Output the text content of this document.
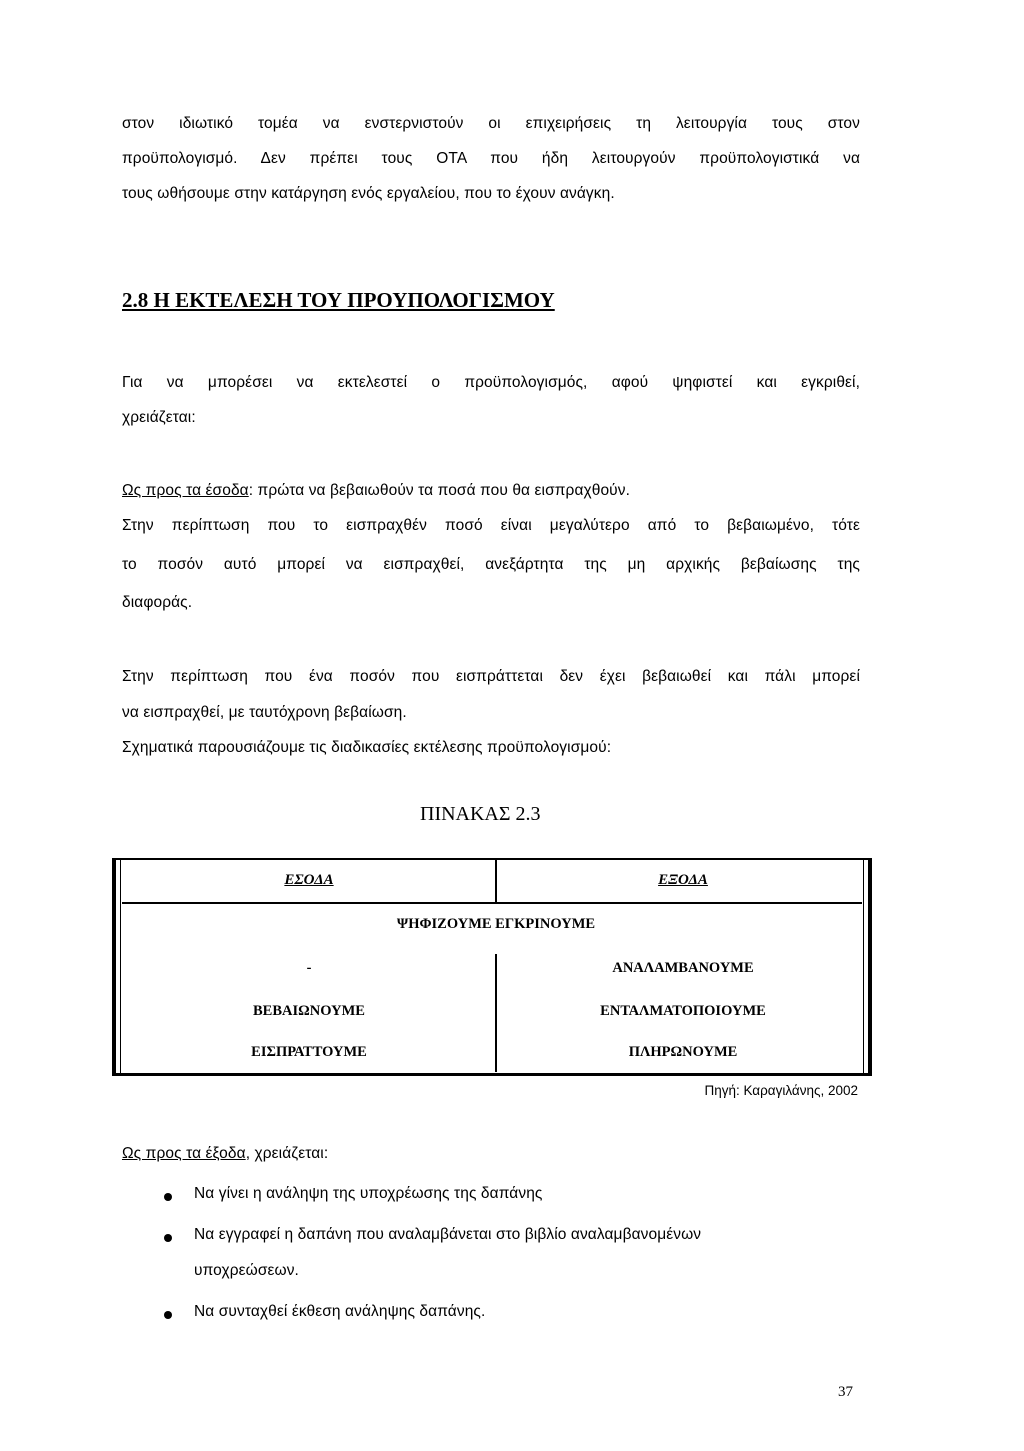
στον ιδιωτικό τομέα να ενστερνιστούν οι επιχειρήσεις τη λειτουργία τους στον
προϋπολογισμό. Δεν πρέπει τους ΟΤΑ που ήδη λειτουργούν προϋπολογιστικά να
τους ωθήσουμε στην κατάργηση ενός εργαλείου, που το έχουν ανάγκη.
2.8 Η ΕΚΤΕΛΕΣΗ ΤΟΥ ΠΡΟΥΠΟΛΟΓΙΣΜΟΥ
Για να μπορέσει να εκτελεστεί ο προϋπολογισμός, αφού ψηφιστεί και εγκριθεί,
χρειάζεται:
Ως προς τα έσοδα: πρώτα να βεβαιωθούν τα ποσά που θα εισπραχθούν.
Στην περίπτωση που το εισπραχθέν ποσό είναι μεγαλύτερο από το βεβαιωμένο, τότε
το ποσόν αυτό μπορεί να εισπραχθεί, ανεξάρτητα της μη αρχικής βεβαίωσης της
διαφοράς.
Στην περίπτωση που ένα ποσόν που εισπράττεται δεν έχει βεβαιωθεί και πάλι μπορεί
να εισπραχθεί, με ταυτόχρονη βεβαίωση.
Σχηματικά παρουσιάζουμε τις διαδικασίες εκτέλεσης προϋπολογισμού:
ΠΙΝΑΚΑΣ 2.3
ΕΣΟΔΑ	ΕΞΟΔΑ
ΨΗΦΙΖΟΥΜΕ ΕΓΚΡΙΝΟΥΜΕ
-	ΑΝΑΛΑΜΒΑΝΟΥΜΕ
ΒΕΒΑΙΩΝΟΥΜΕ	ΕΝΤΑΛΜΑΤΟΠΟΙΟΥΜΕ
ΕΙΣΠΡΑΤΤΟΥΜΕ	ΠΛΗΡΩΝΟΥΜΕ
Πηγή: Καραγιλάνης, 2002
Ως προς τα έξοδα, χρειάζεται:
Να γίνει η ανάληψη της υποχρέωσης της δαπάνης
Να εγγραφεί η δαπάνη που αναλαμβάνεται στο βιβλίο αναλαμβανομένων
υποχρεώσεων.
Να συνταχθεί έκθεση ανάληψης δαπάνης.
37
